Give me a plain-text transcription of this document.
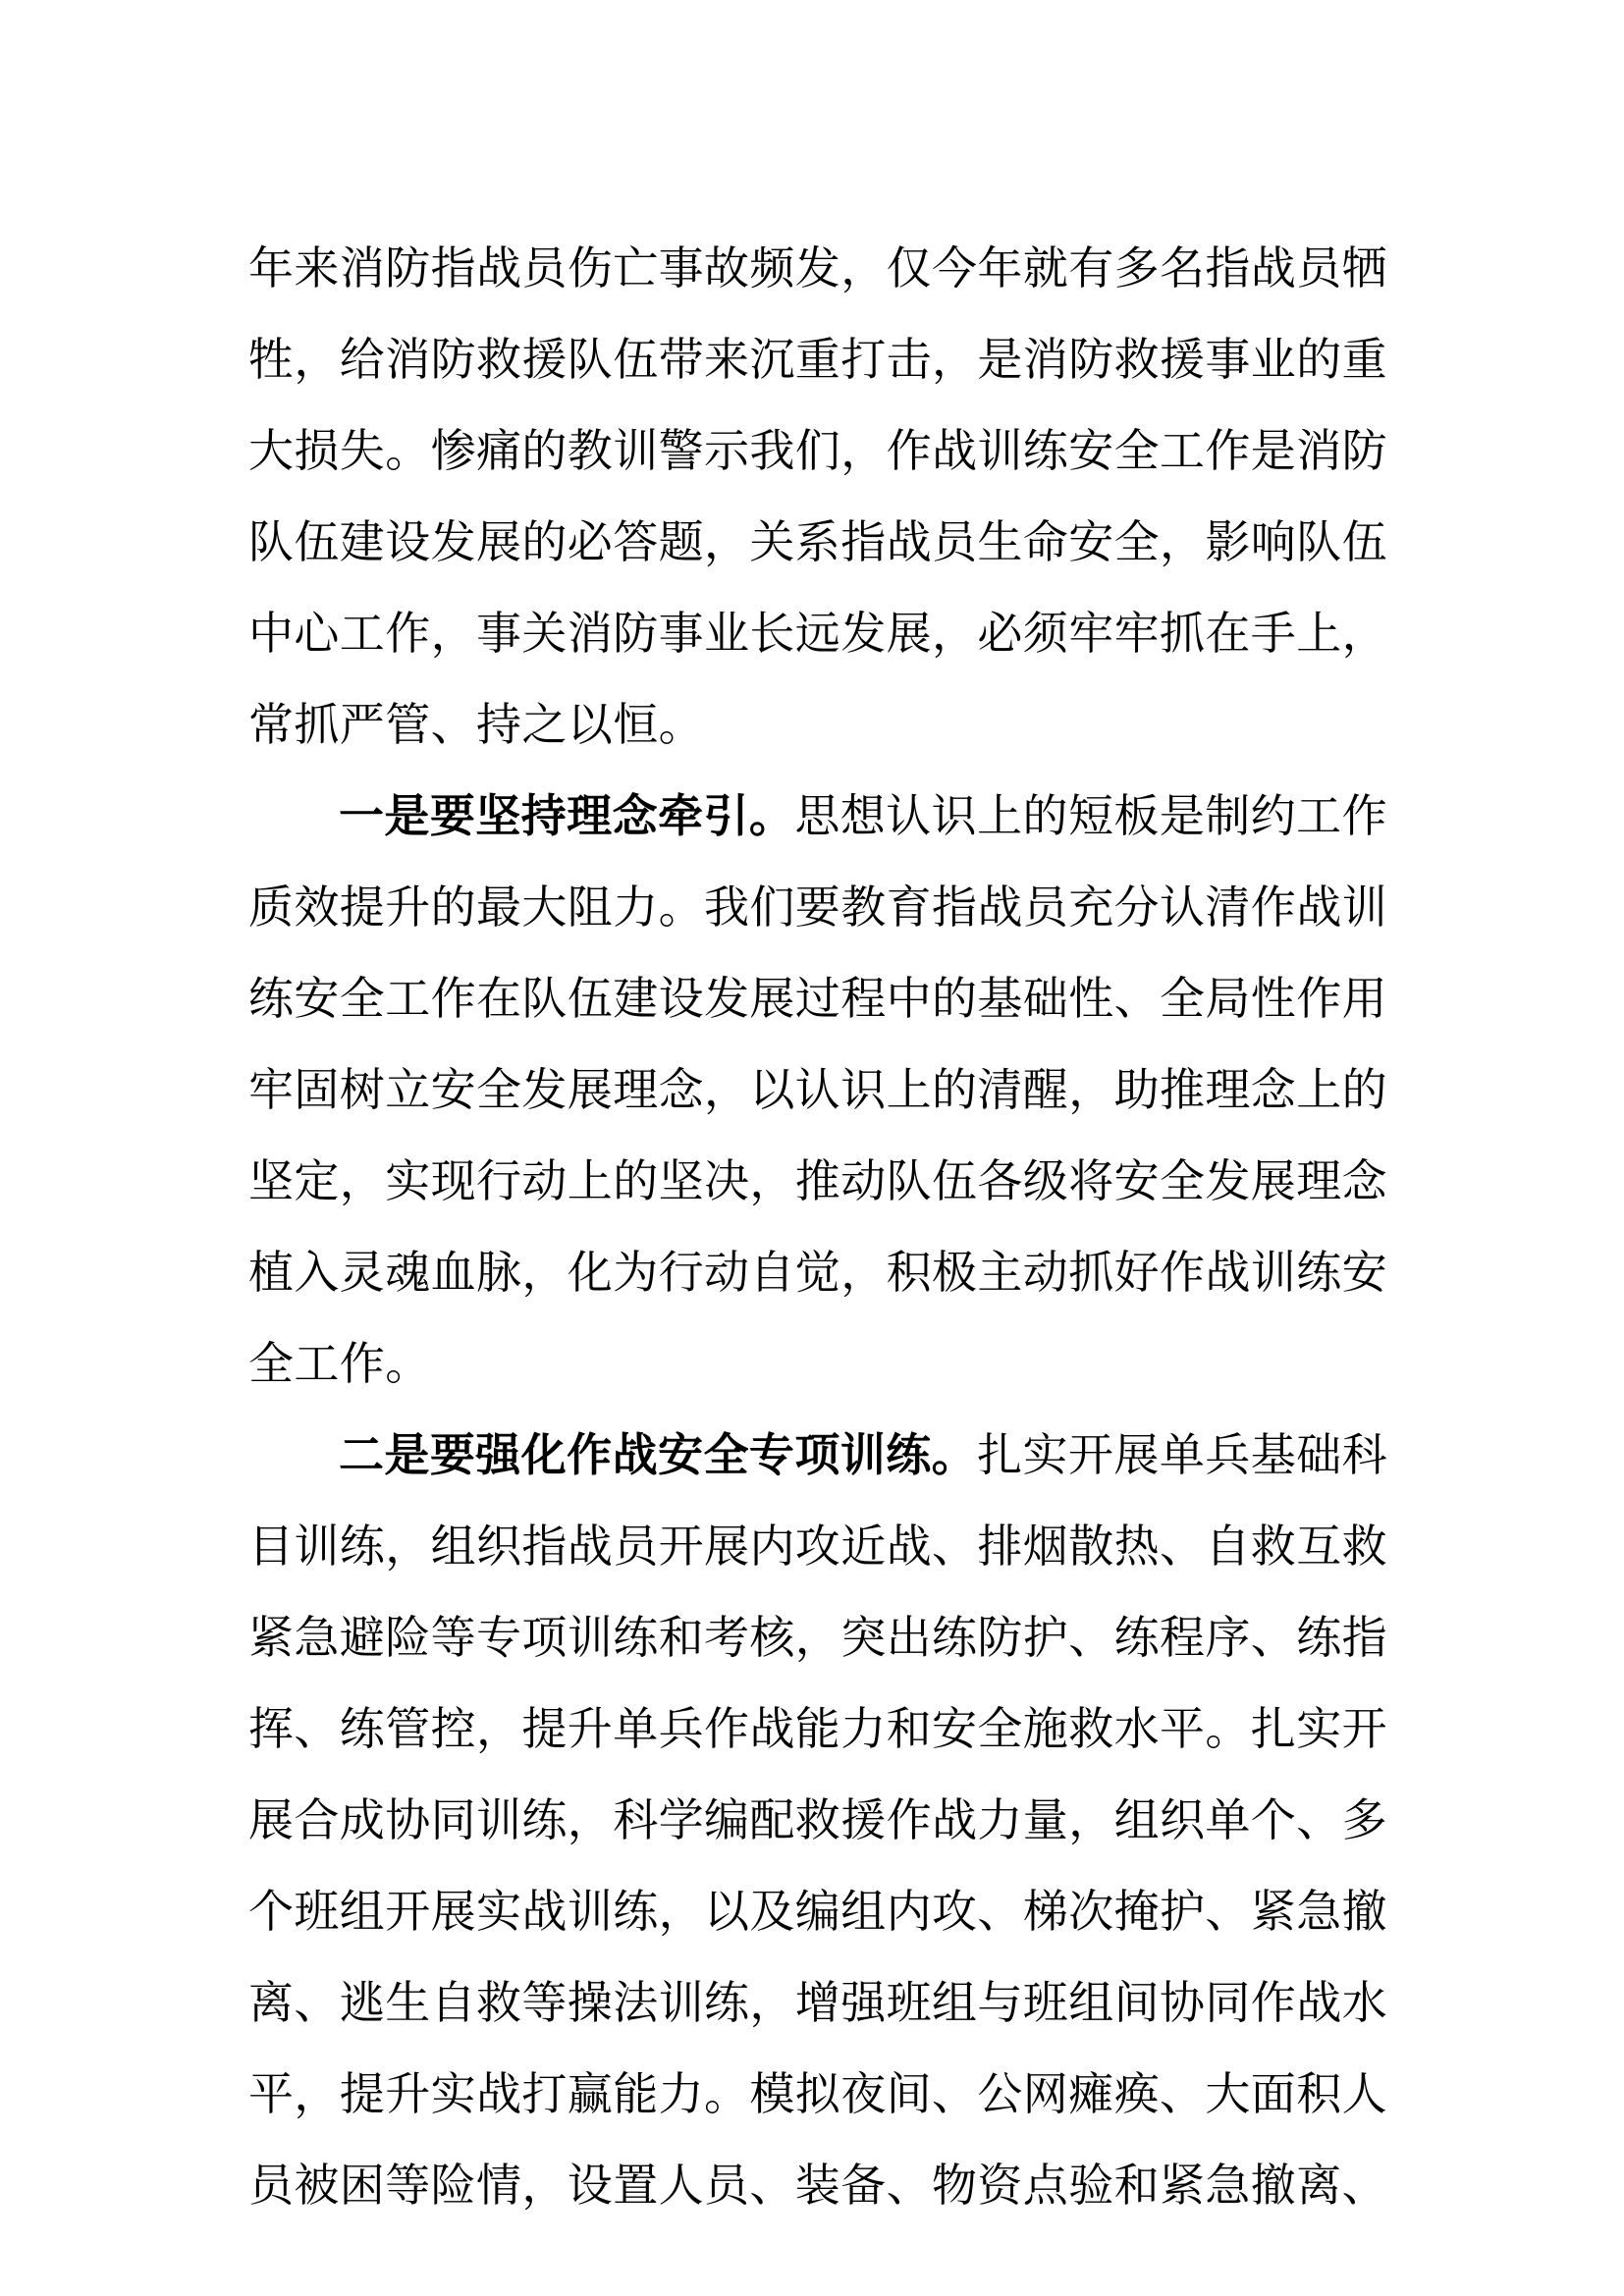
年来消防指战员伤亡事故频发，仅今年就有多名指战员牺牲，给消防救援队伍带来沉重打击，是消防救援事业的重大损失。惨痛的教训警示我们，作战训练安全工作是消防队伍建设发展的必答题，关系指战员生命安全，影响队伍中心工作，事关消防事业长远发展，必须牢牢抓在手上，常抓严管、持之以恒。

一是要坚持理念牵引。思想认识上的短板是制约工作质效提升的最大阻力。我们要教育指战员充分认清作战训练安全工作在队伍建设发展过程中的基础性、全局性作用牢固树立安全发展理念，以认识上的清醒，助推理念上的坚定，实现行动上的坚决，推动队伍各级将安全发展理念植入灵魂血脉，化为行动自觉，积极主动抓好作战训练安全工作。

二是要强化作战安全专项训练。扎实开展单兵基础科目训练，组织指战员开展内攻近战、排烟散热、自救互救紧急避险等专项训练和考核，突出练防护、练程序、练指挥、练管控，提升单兵作战能力和安全施救水平。扎实开展合成协同训练，科学编配救援作战力量，组织单个、多个班组开展实战训练，以及编组内攻、梯次掩护、紧急撤离、逃生自救等操法训练，增强班组与班组间协同作战水平，提升实战打赢能力。模拟夜间、公网瘫痪、大面积人员被困等险情，设置人员、装备、物资点验和紧急撤离、
